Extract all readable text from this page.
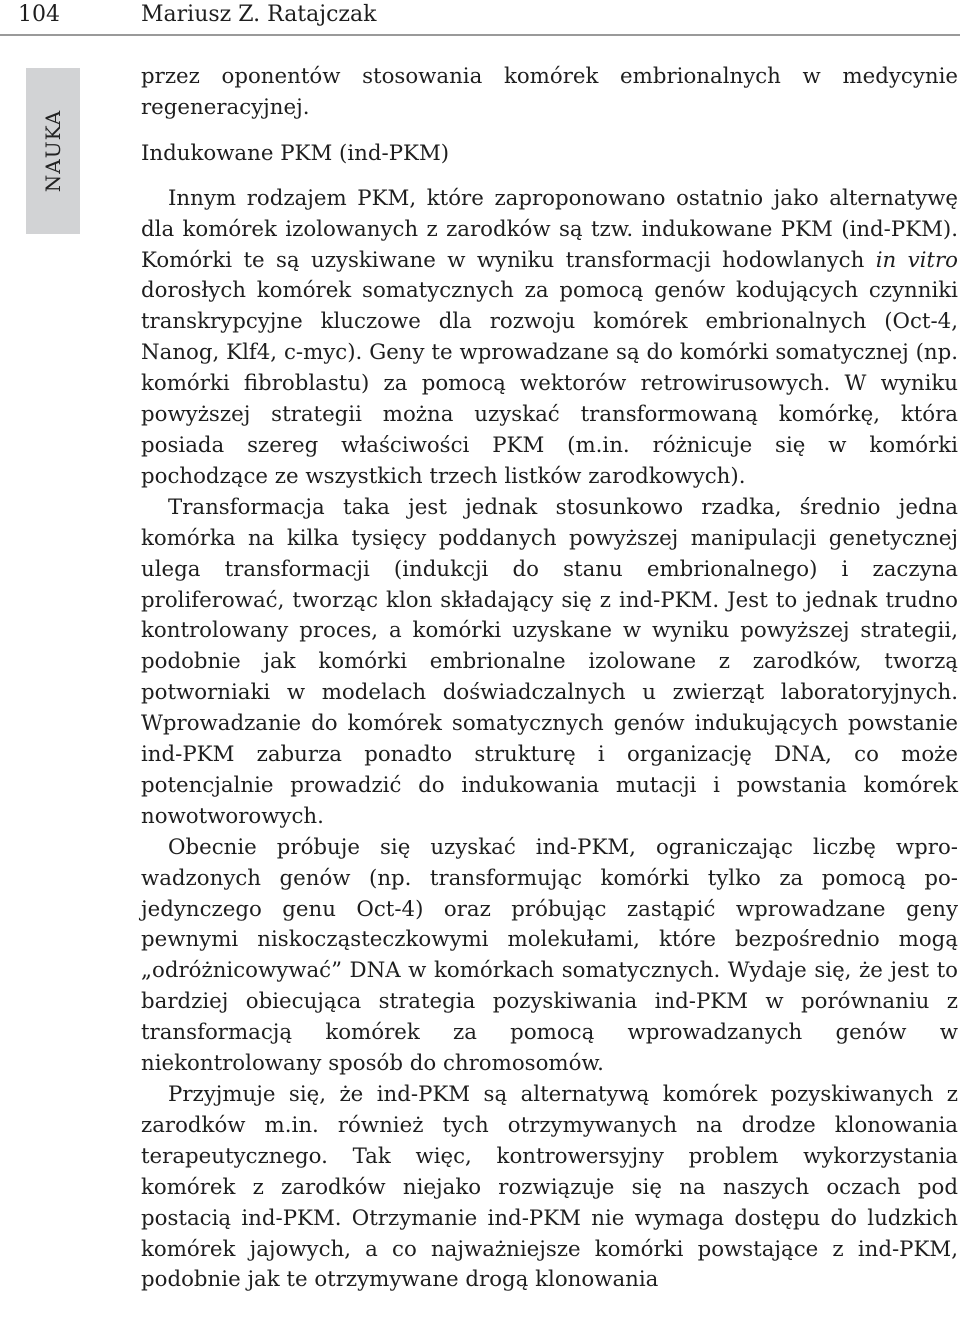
104	Mariusz Z. Ratajczak
NAUKA

przez oponentów stosowania komórek embrionalnych w medycynie regeneracyjnej.

Indukowane PKM (ind-PKM)

Innym rodzajem PKM, które zaproponowano ostatnio jako alternatywę dla komórek izolowanych z zarodków są tzw. indukowane PKM (ind-PKM). Komórki te są uzyskiwane w wyniku transformacji hodowlanych in vitro dorosłych komórek somatycznych za pomocą genów kodujących czynniki transkrypcyjne kluczowe dla rozwoju komórek embrionalnych (Oct-4, Nanog, Klf4, c-myc). Geny te wprowadzane są do komórki somatycznej (np. komórki fibroblastu) za pomocą wektorów retrowirusowych. W wyniku powyższej strategii można uzyskać transformowaną komórkę, która posiada szereg właściwości PKM (m.in. różnicuje się w komórki pochodzące ze wszystkich trzech listków zarodkowych).

Transformacja taka jest jednak stosunkowo rzadka, średnio jedna komórka na kilka tysięcy poddanych powyższej manipulacji genetycznej ulega transformacji (indukcji do stanu embrionalnego) i zaczyna proliferować, tworząc klon składający się z ind-PKM. Jest to jednak trudno kontrolowany proces, a komórki uzyskane w wyniku powyższej strategii, podobnie jak komórki embrionalne izolowane z zarodków, tworzą potworniaki w modelach doświadczalnych u zwierząt laboratoryjnych. Wprowadzanie do komórek somatycznych genów indukujących powstanie ind-PKM zaburza ponadto strukturę i organizację DNA, co może potencjalnie prowadzić do indukowania mutacji i powstania komórek nowotworowych.

Obecnie próbuje się uzyskać ind-PKM, ograniczając liczbę wprowadzonych genów (np. transformując komórki tylko za pomocą pojedynczego genu Oct-4) oraz próbując zastąpić wprowadzane geny pewnymi niskocząsteczkowymi molekułami, które bezpośrednio mogą „odróżnicowywać” DNA w komórkach somatycznych. Wydaje się, że jest to bardziej obiecująca strategia pozyskiwania ind-PKM w porównaniu z transformacją komórek za pomocą wprowadzanych genów w niekontrolowany sposób do chromosomów.

Przyjmuje się, że ind-PKM są alternatywą komórek pozyskiwanych z zarodków m.in. również tych otrzymywanych na drodze klonowania terapeutycznego. Tak więc, kontrowersyjny problem wykorzystania komórek z zarodków niejako rozwiązuje się na naszych oczach pod postacią ind-PKM. Otrzymanie ind-PKM nie wymaga dostępu do ludzkich komórek jajowych, a co najważniejsze komórki powstające z ind-PKM, podobnie jak te otrzymywane drogą klonowania
